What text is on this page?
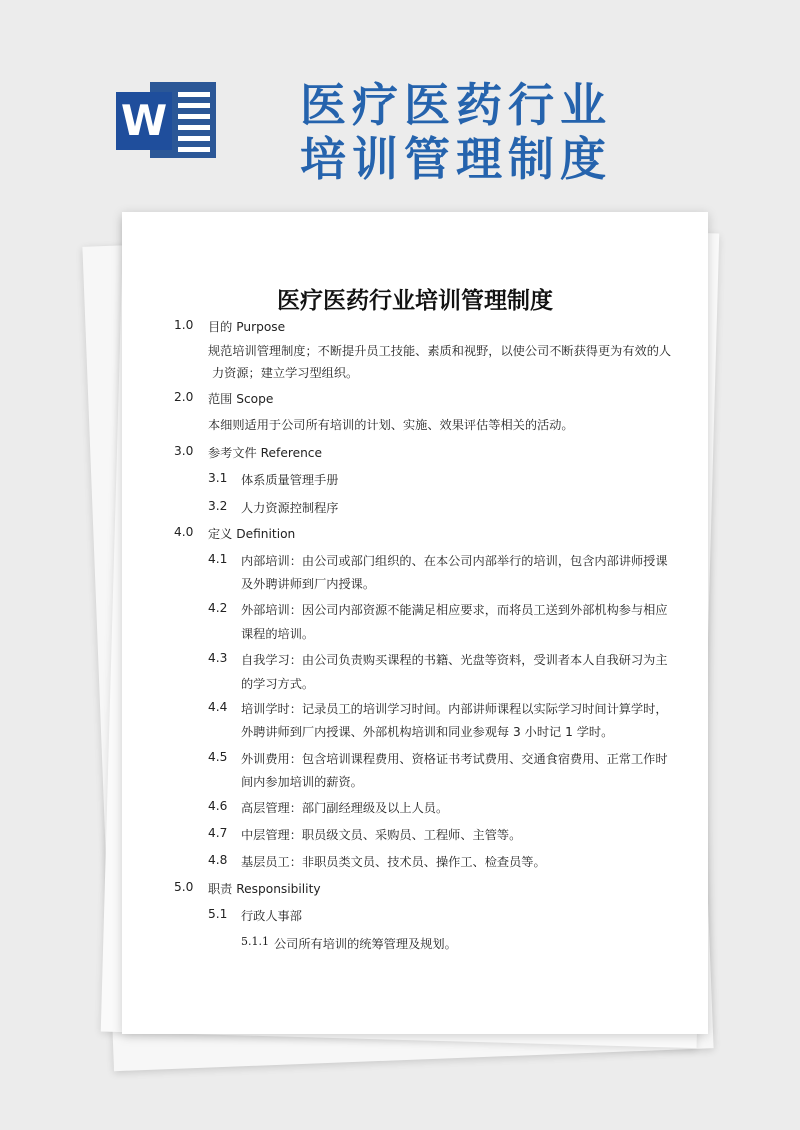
W	医疗医药行业
培训管理制度
医疗医药行业培训管理制度
1.0 目的 Purpose
规范培训管理制度；不断提升员工技能、素质和视野，以使公司不断获得更为有效的人
力资源；建立学习型组织。
2.0 范围 Scope
本细则适用于公司所有培训的计划、实施、效果评估等相关的活动。
3.0 参考文件 Reference
3.1 体系质量管理手册
3.2 人力资源控制程序
4.0 定义 Definition
4.1 内部培训：由公司或部门组织的、在本公司内部举行的培训，包含内部讲师授课
及外聘讲师到厂内授课。
4.2 外部培训：因公司内部资源不能满足相应要求，而将员工送到外部机构参与相应
课程的培训。
4.3 自我学习：由公司负责购买课程的书籍、光盘等资料，受训者本人自我研习为主
的学习方式。
4.4 培训学时：记录员工的培训学习时间。内部讲师课程以实际学习时间计算学时，
外聘讲师到厂内授课、外部机构培训和同业参观每 3 小时记 1 学时。
4.5 外训费用：包含培训课程费用、资格证书考试费用、交通食宿费用、正常工作时
间内参加培训的薪资。
4.6 高层管理：部门副经理级及以上人员。
4.7 中层管理：职员级文员、采购员、工程师、主管等。
4.8 基层员工：非职员类文员、技术员、操作工、检查员等。
5.0 职责 Responsibility
5.1 行政人事部
5.1.1 公司所有培训的统筹管理及规划。
